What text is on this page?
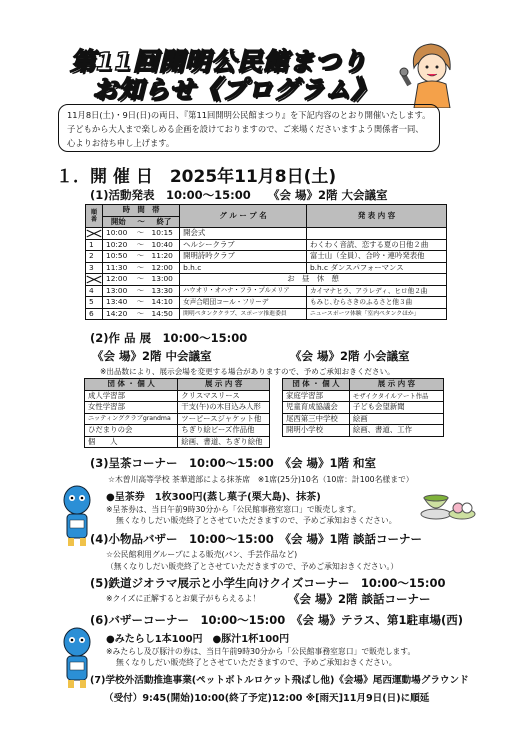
第11回開明公民館まつり
お知らせ《プログラム》
11月8日(土)・9日(日)の両日、『第11回開明公民館まつり』を下記内容のとおり開催いたします。
子どもから大人まで楽しめる企画を設けておりますので、ご来場くださいますよう関係者一同、
心よりお待ち申し上げます。
１．開 催 日　2025年11月8日(土)
(1)活動発表　10:00～15:00　　《会 場》2階 大会議室
順番	時　間　帯			グ ル ー プ 名	発 表 内 容
	開始	～	終了		
	10:00	～	10:15	開会式	
1	10:20	～	10:40	ヘルシークラブ	わくわく音読、恋する夏の日他２曲
2	10:50	～	11:20	開明詩吟クラブ	富士山（全員）、合吟・連吟発表他
3	11:30	～	12:00	b.h.c	b.h.c ダンスパフォーマンス
	12:00	～	13:00	お　昼　休　憩	
4	13:00	～	13:30	ハウオリ・オハナ・フラ・プルメリア	カイマナヒラ、アラレディ、ヒロ他２曲
5	13:40	～	14:10	女声合唱団コール・フリーデ	もみじ､むらさきのふるさと他３曲
6	14:20	～	14:50	開明ペタンククラブ、スポーツ推進委員	ニュースポーツ体験「室内ペタンクほか」
(2)作 品 展　10:00～15:00
《会 場》2階 中会議室	《会 場》2階 小会議室
※出品数により、展示会場を変更する場合がありますので、予めご承知おきください。
団 体 ・ 個 人	展 示 内 容
成人学習部	クリスマスリース
女性学習部	干支(午)の木目込み人形
ニッティングクラブgrandma	ツーピースジャケット他
ひだまりの会	ちぎり絵ビーズ作品他
個　　人	絵画、書道、ちぎり絵他
団 体 ・ 個 人	展 示 内 容
家庭学習部	モザイクタイルアート作品
児童育成協議会	子ども会望新聞
尾西第三中学校	絵画
開明小学校	絵画、書道、工作
(3)呈茶コーナー　10:00～15:00　《会 場》1階 和室
☆木曽川高等学校 茶華道部による抹茶席　※1席(25分)10名（10席：計100名様まで）
●呈茶券　1枚300円(蒸し菓子(栗大島)、抹茶)
※呈茶券は、当日午前9時30分から「公民館事務室窓口」で販売します。
無くなりしだい販売終了とさせていただきますので、予めご承知おきください。
(4)小物品バザー　10:00～15:00　《会 場》1階 談話コーナー
☆公民館利用グループによる販売(パン、手芸作品など)
（無くなりしだい販売終了とさせていただきますので、予めご承知おきください。）
(5)鉄道ジオラマ展示と小学生向けクイズコーナー　10:00～15:00
※クイズに正解するとお菓子がもらえるよ！ 《会 場》2階 談話コーナー
(6)バザーコーナー　10:00～15:00　《会 場》テラス、第1駐車場(西)
●みたらし1本100円　●豚汁1杯100円
※みたらし及び豚汁の券は、当日午前9時30分から「公民館事務室窓口」で販売します。
無くなりしだい販売終了とさせていただきますので、予めご承知おきください。
(7)学校外活動推進事業(ペットボトルロケット飛ばし他)《会場》尾西運動場グラウンド
（受付）9:45(開始)10:00(終了予定)12:00 ※[雨天]11月9日(日)に順延
